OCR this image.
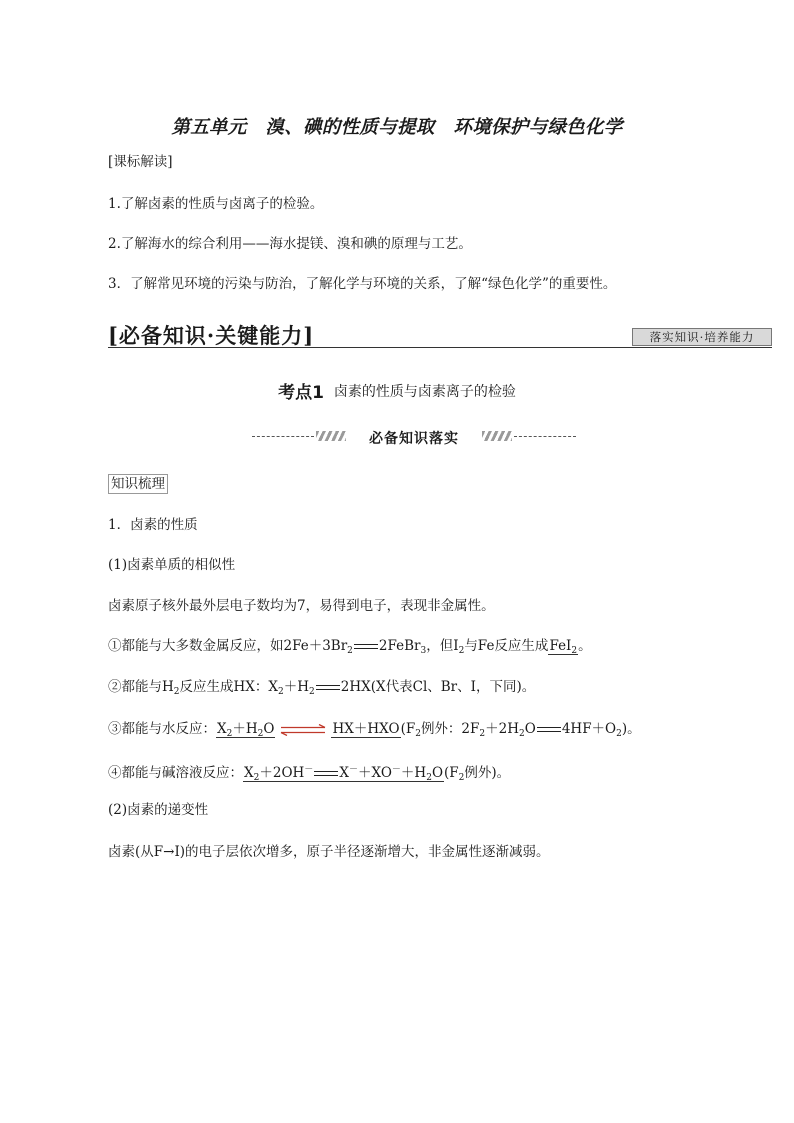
第五单元　溴、碘的性质与提取　环境保护与绿色化学
[课标解读]
1.了解卤素的性质与卤离子的检验。
2.了解海水的综合利用——海水提镁、溴和碘的原理与工艺。
3．了解常见环境的污染与防治，了解化学与环境的关系，了解“绿色化学”的重要性。
[必备知识·关键能力]	落实知识·培养能力
考点1 卤素的性质与卤素离子的检验
必备知识落实
知识梳理
1．卤素的性质
(1)卤素单质的相似性
卤素原子核外最外层电子数均为7，易得到电子，表现非金属性。
①都能与大多数金属反应，如$2Fe+3Br_2$ 2FeBr$_3$，但$I_2$与Fe反应生成FeI$_2$。
②都能与$H_2$反应生成HX：$X_2+H_2$ 2HX(X代表Cl、Br、I，下同)。
③都能与水反应：$X_2+H_2O$ ⇌ $HX+HXO(F_2$例外：$2F_2+2H_2O$ $4HF+O_2$)。
④都能与碱溶液反应：$X_2+2OH^-$ $X^-+XO^-+H_2O(F_2$例外)。
(2)卤素的递变性
卤素(从F→I)的电子层依次增多，原子半径逐渐增大，非金属性逐渐减弱。
